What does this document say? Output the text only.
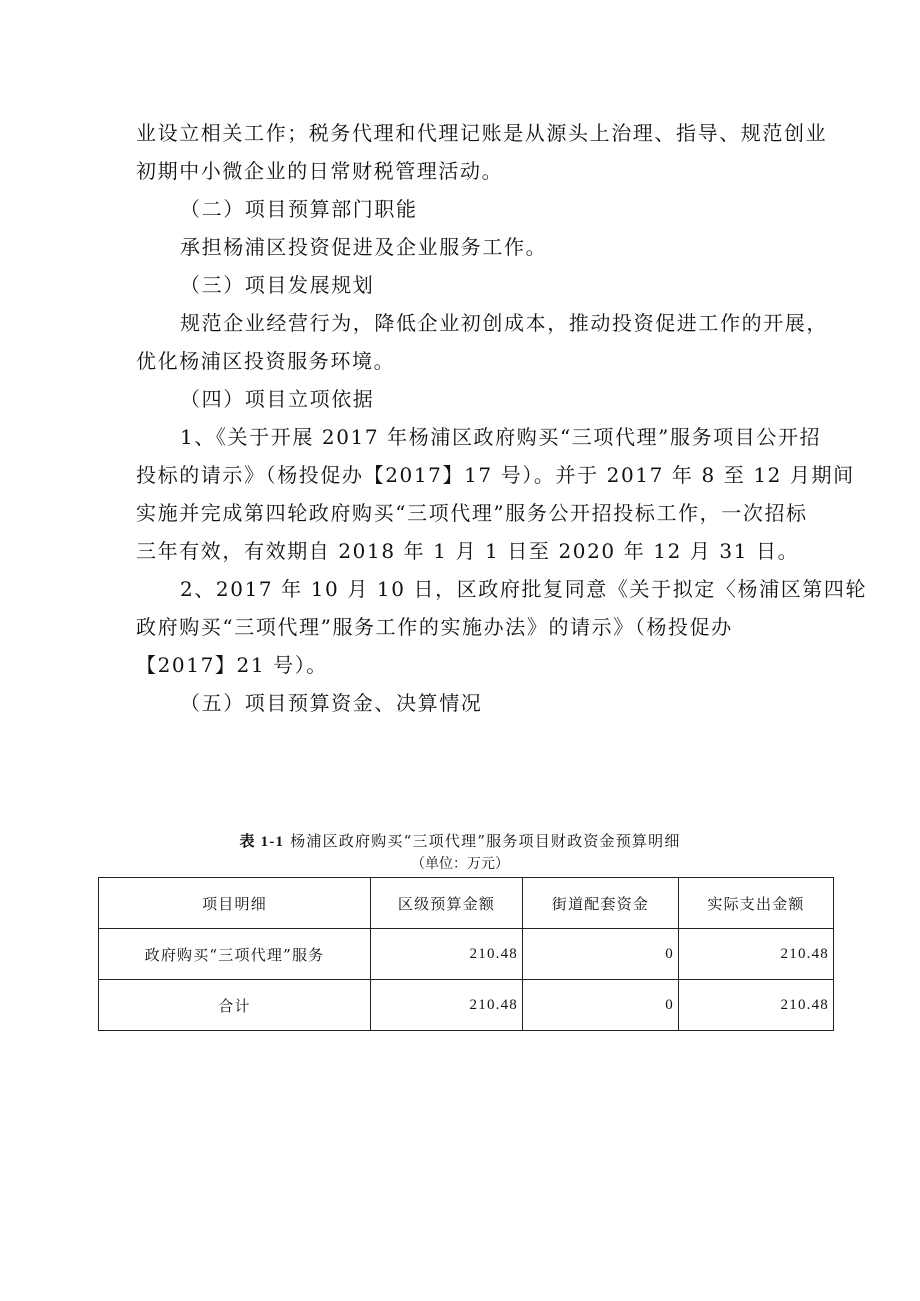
业设立相关工作；税务代理和代理记账是从源头上治理、指导、规范创业
初期中小微企业的日常财税管理活动。
（二）项目预算部门职能
承担杨浦区投资促进及企业服务工作。
（三）项目发展规划
规范企业经营行为，降低企业初创成本，推动投资促进工作的开展，
优化杨浦区投资服务环境。
（四）项目立项依据
1、《关于开展 2017 年杨浦区政府购买“三项代理”服务项目公开招
投标的请示》（杨投促办【2017】17 号）。并于 2017 年 8 至 12 月期间
实施并完成第四轮政府购买“三项代理”服务公开招投标工作，一次招标
三年有效，有效期自 2018 年 1 月 1 日至 2020 年 12 月 31 日。
2、2017 年 10 月 10 日，区政府批复同意《关于拟定〈杨浦区第四轮
政府购买“三项代理”服务工作的实施办法》的请示》（杨投促办
【2017】21 号）。
（五）项目预算资金、决算情况

表 1-1 杨浦区政府购买“三项代理”服务项目财政资金预算明细

（单位：万元）

项目明细	区级预算金额	街道配套资金	实际支出金额
政府购买“三项代理”服务	210.48	0	210.48
合计	210.48	0	210.48
